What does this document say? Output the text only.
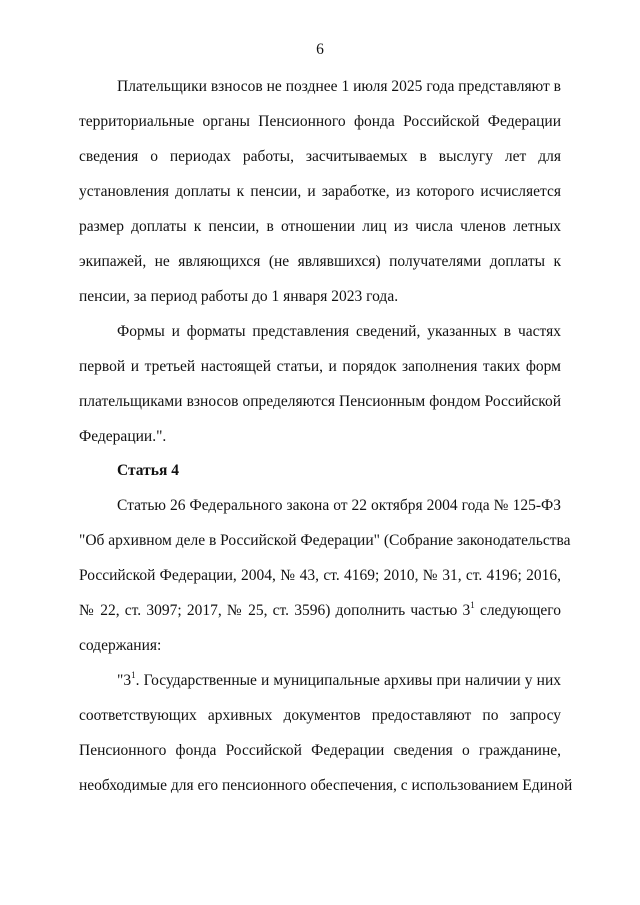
6
Плательщики взносов не позднее 1 июля 2025 года представляют в
территориальные органы Пенсионного фонда Российской Федерации
сведения о периодах работы, засчитываемых в выслугу лет для
установления доплаты к пенсии, и заработке, из которого исчисляется
размер доплаты к пенсии, в отношении лиц из числа членов летных
экипажей, не являющихся (не являвшихся) получателями доплаты к
пенсии, за период работы до 1 января 2023 года.
Формы и форматы представления сведений, указанных в частях
первой и третьей настоящей статьи, и порядок заполнения таких форм
плательщиками взносов определяются Пенсионным фондом Российской
Федерации.".
Статья 4
Статью 26 Федерального закона от 22 октября 2004 года № 125-ФЗ
"Об архивном деле в Российской Федерации" (Собрание законодательства
Российской Федерации, 2004, № 43, ст. 4169; 2010, № 31, ст. 4196; 2016,
№ 22, ст. 3097; 2017, № 25, ст. 3596) дополнить частью $3^1$ следующего
содержания:
"$3^1$. Государственные и муниципальные архивы при наличии у них
соответствующих архивных документов предоставляют по запросу
Пенсионного фонда Российской Федерации сведения о гражданине,
необходимые для его пенсионного обеспечения, с использованием Единой
